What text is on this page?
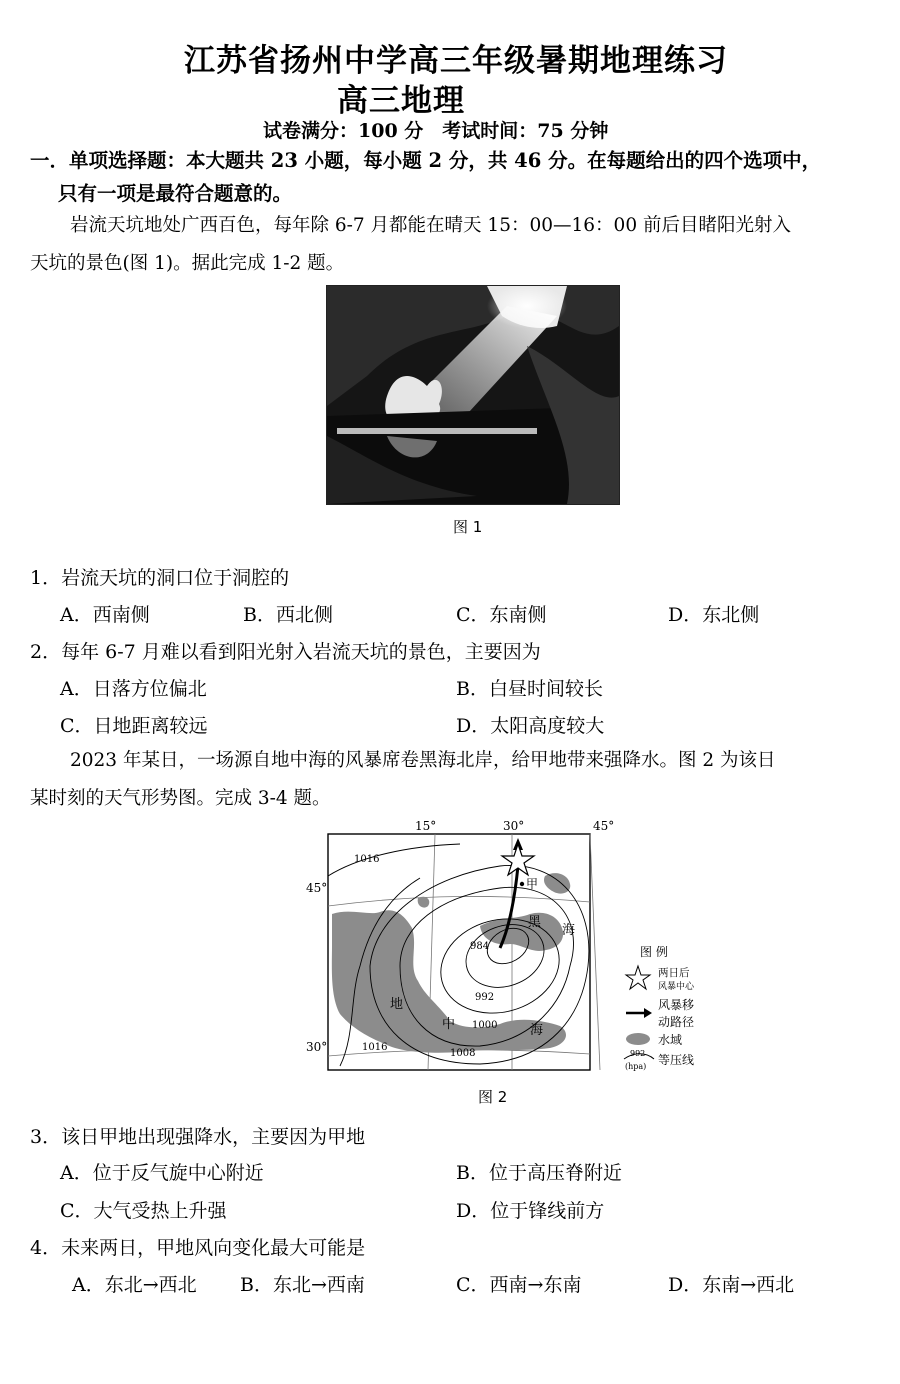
江苏省扬州中学高三年级暑期地理练习
高三地理
试卷满分：100 分　考试时间：75 分钟
一．单项选择题：本大题共 23 小题，每小题 2 分，共 46 分。在每题给出的四个选项中，
只有一项是最符合题意的。
岩流天坑地处广西百色，每年除 6-7 月都能在晴天 15：00—16：00 前后目睹阳光射入
天坑的景色(图 1)。据此完成 1-2 题。
图 1
1．岩流天坑的洞口位于洞腔的
A．西南侧	B．西北侧	C．东南侧	D．东北侧
2．每年 6-7 月难以看到阳光射入岩流天坑的景色，主要因为
A．日落方位偏北	B．白昼时间较长
C．日地距离较远	D．太阳高度较大
2023 年某日，一场源自地中海的风暴席卷黑海北岸，给甲地带来强降水。图 2 为该日
某时刻的天气形势图。完成 3-4 题。
15°	30°	45°
45°
30°
1016
984
992
1000
1008
1016
甲
黑
海
地
中	海
图 例
两日后
风暴中心
风暴移
动路径
水域
992
(hpa) 等压线
图 2
3．该日甲地出现强降水，主要因为甲地
A．位于反气旋中心附近	B．位于高压脊附近
C．大气受热上升强	D．位于锋线前方
4．未来两日，甲地风向变化最大可能是
A．东北→西北 B．东北→西南	C．西南→东南	D．东南→西北
